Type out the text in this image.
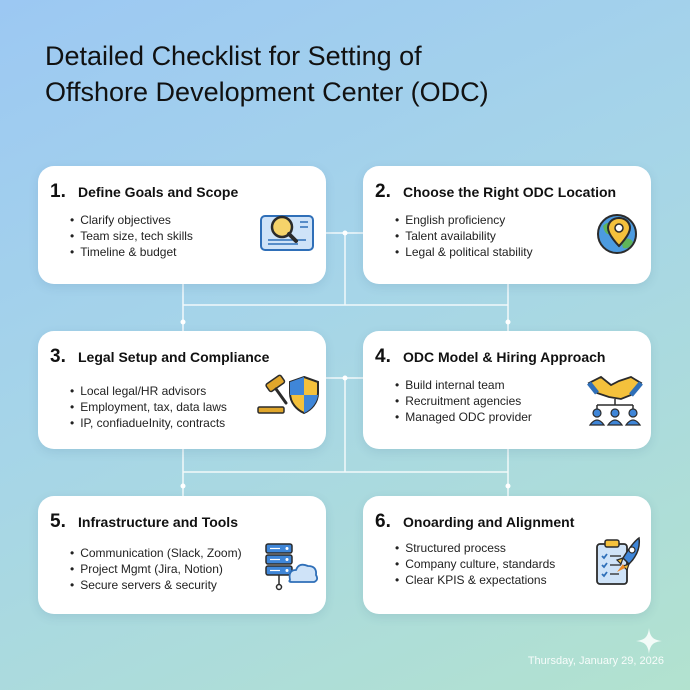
Detailed Checklist for Setting of
Offshore Development Center (ODC)
1. Define Goals and Scope
• Clarify objectives
• Team size, tech skills
• Timeline & budget
2. Choose the Right ODC Location
• English proficiency
• Talent availability
• Legal & political stability
3. Legal Setup and Compliance
• Local legal/HR advisors
• Employment, tax, data laws
• IP, confiadueInity, contracts
4. ODC Model & Hiring Approach
• Build internal team
• Recruitment agencies
• Managed ODC provider
5. Infrastructure and Tools
• Communication (Slack, Zoom)
• Project Mgmt (Jira, Notion)
• Secure servers & security
6. Onoarding and Alignment
• Structured process
• Company culture, standards
• Clear KPIS & expectations
Thursday, January 29, 2026
